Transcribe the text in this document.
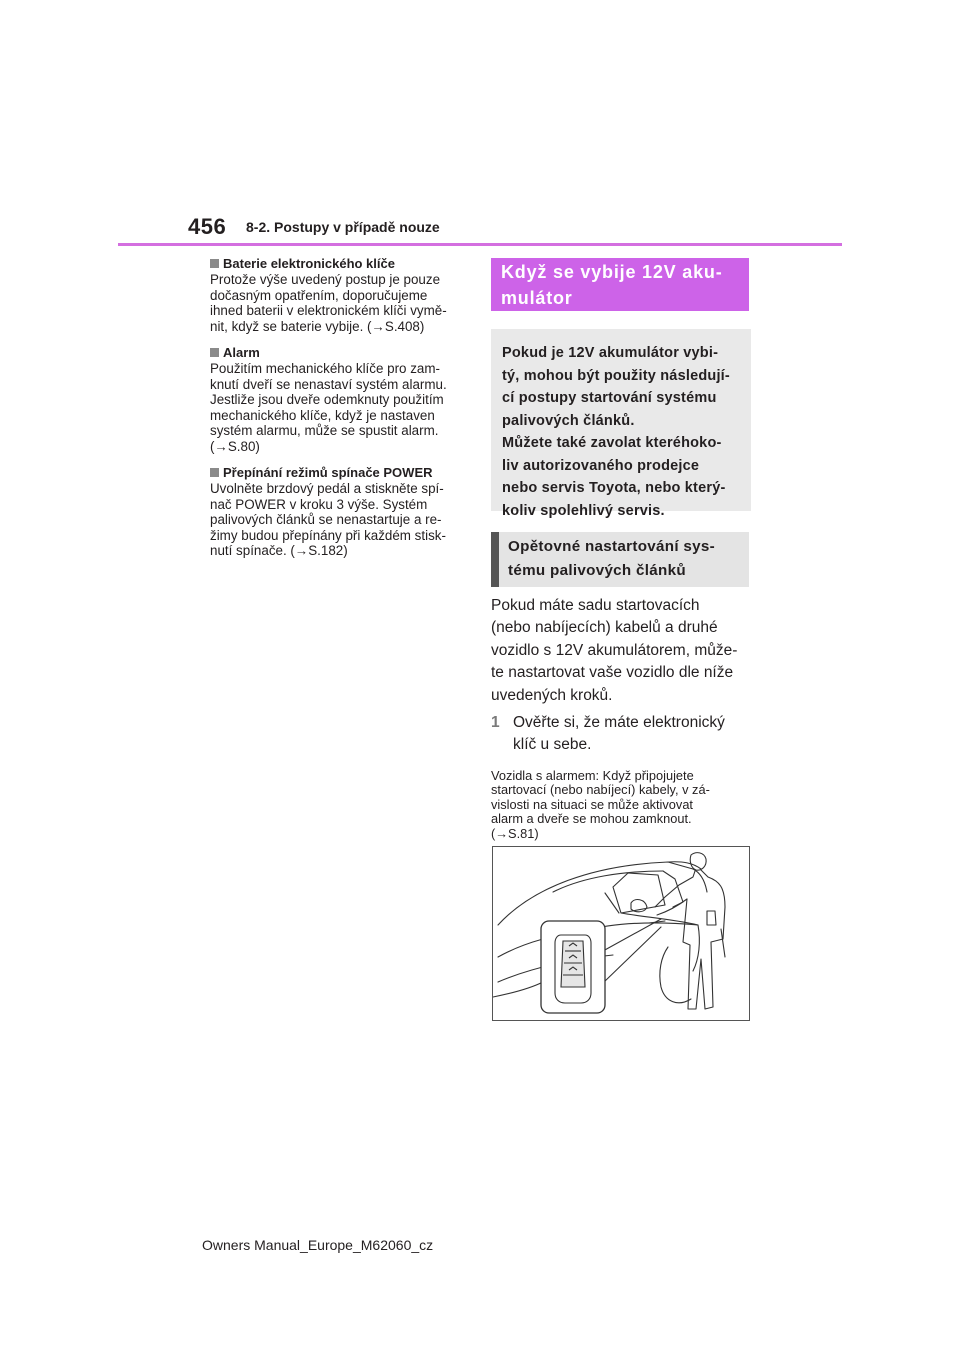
456 8-2. Postupy v případě nouze
Baterie elektronického klíče
Protože výše uvedený postup je pouze
dočasným opatřením, doporučujeme
ihned baterii v elektronickém klíči vymě-
nit, když se baterie vybije. (→S.408)
Alarm
Použitím mechanického klíče pro zam-
knutí dveří se nenastaví systém alarmu.
Jestliže jsou dveře odemknuty použitím
mechanického klíče, když je nastaven
systém alarmu, může se spustit alarm.
(→S.80)
Přepínání režimů spínače POWER
Uvolněte brzdový pedál a stiskněte spí-
nač POWER v kroku 3 výše. Systém
palivových článků se nenastartuje a re-
žimy budou přepínány při každém stisk-
nutí spínače. (→S.182)
Když se vybije 12V aku-
mulátor
Pokud je 12V akumulátor vybi-
tý, mohou být použity následují-
cí postupy startování systému
palivových článků.
Můžete také zavolat kteréhoko-
liv autorizovaného prodejce
nebo servis Toyota, nebo který-
koliv spolehlivý servis.
Opětovné nastartování sys-
tému palivových článků
Pokud máte sadu startovacích
(nebo nabíjecích) kabelů a druhé
vozidlo s 12V akumulátorem, může-
te nastartovat vaše vozidlo dle níže
uvedených kroků.
1 Ověřte si, že máte elektronický
klíč u sebe.
Vozidla s alarmem: Když připojujete
startovací (nebo nabíjecí) kabely, v zá-
vislosti na situaci se může aktivovat
alarm a dveře se mohou zamknout.
(→S.81)
Owners Manual_Europe_M62060_cz
